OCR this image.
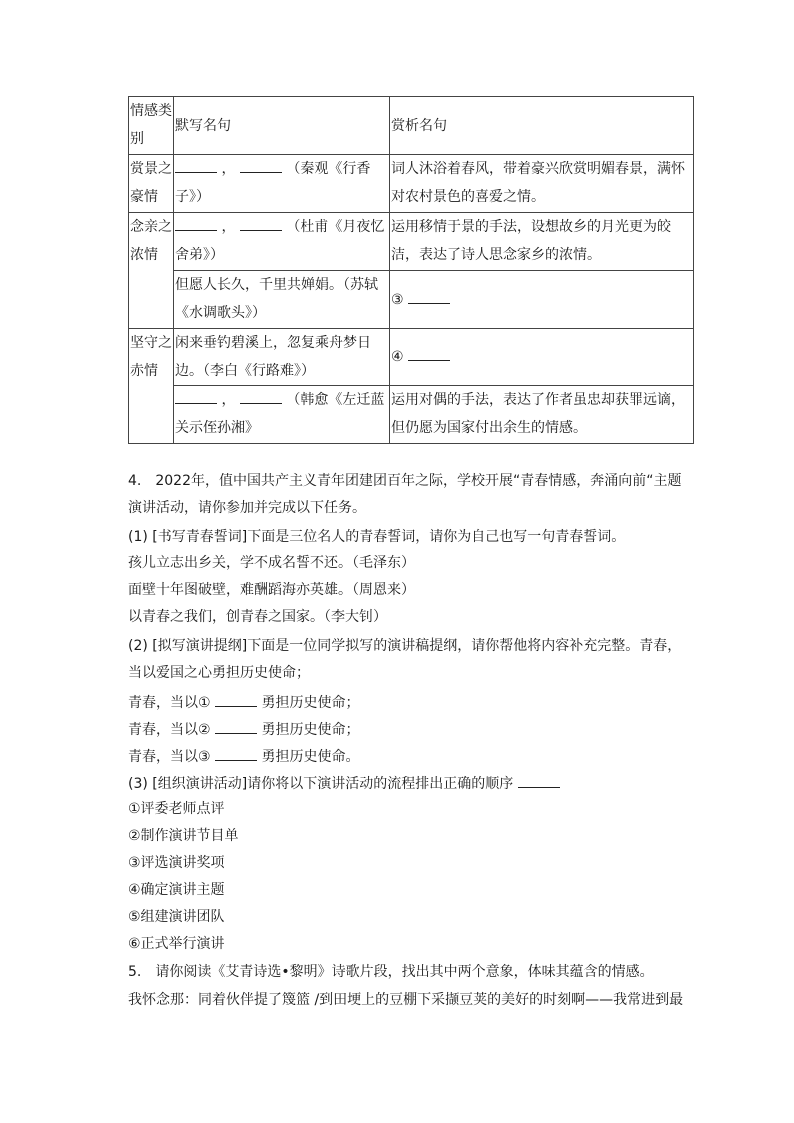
情感类别	默写名句	赏析名句
赏景之豪情	， （秦观《行香子》）	词人沐浴着春风，带着豪兴欣赏明媚春景，满怀对农村景色的喜爱之情。
念亲之浓情	， （杜甫《月夜忆舍弟》）	运用移情于景的手法，设想故乡的月光更为皎洁，表达了诗人思念家乡的浓情。
	但愿人长久，千里共婵娟。（苏轼《水调歌头》）	③
坚守之赤情	闲来垂钓碧溪上，忽复乘舟梦日边。（李白《行路难》）	④
	， （韩愈《左迁蓝关示侄孙湘》	运用对偶的手法，表达了作者虽忠却获罪远谪，但仍愿为国家付出余生的情感。
4.　2022年，值中国共产主义青年团建团百年之际，学校开展“青春情感，奔涌向前“主题演讲活动，请你参加并完成以下任务。
(1) [书写青春誓词]下面是三位名人的青春誓词，请你为自己也写一句青春誓词。
孩儿立志出乡关，学不成名誓不还。（毛泽东）
面壁十年图破壁，难酬蹈海亦英雄。（周恩来）
以青春之我们，创青春之国家。（李大钊）
(2) [拟写演讲提纲]下面是一位同学拟写的演讲稿提纲，请你帮他将内容补充完整。青春，当以爱国之心勇担历史使命；
青春，当以①	勇担历史使命；
青春，当以②	勇担历史使命；
青春，当以③	勇担历史使命。
(3) [组织演讲活动]请你将以下演讲活动的流程排出正确的顺序
①评委老师点评
②制作演讲节目单
③评选演讲奖项
④确定演讲主题
⑤组建演讲团队
⑥正式举行演讲
5.　请你阅读《艾青诗选•黎明》诗歌片段，找出其中两个意象，体味其蕴含的情感。
我怀念那：同着伙伴提了篾篮 /到田埂上的豆棚下采撷豆荚的美好的时刻啊——我常进到最
